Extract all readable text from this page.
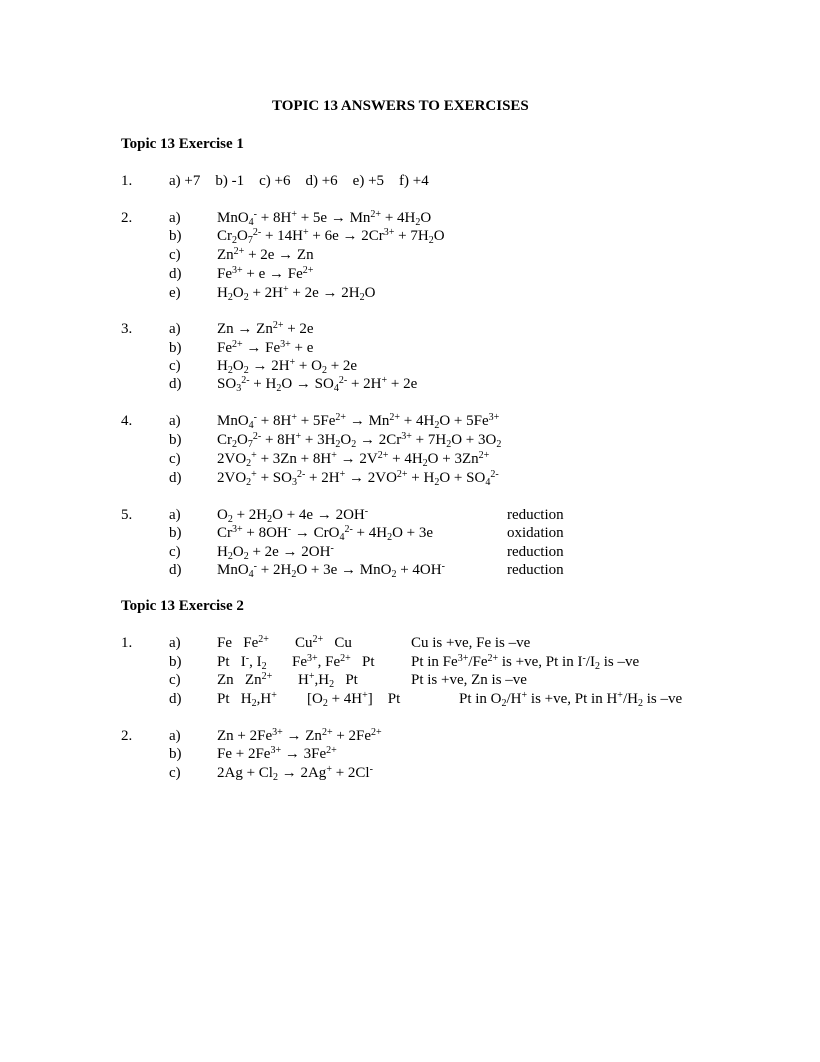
TOPIC 13 ANSWERS TO EXERCISES
Topic 13 Exercise 1
1. a) +7    b) -1    c) +6    d) +6    e) +5    f) +4
2. a)
b)
c)
d)
e)
$MnO_4^- + 8H^+ + 5e \to Mn^{2+} + 4H_2O$
$Cr_2O_7^{2-} + 14H^+ + 6e \to 2Cr^{3+} + 7H_2O$
$Zn^{2+} + 2e \to Zn$
$Fe^{3+} + e \to Fe^{2+}$
$H_2O_2 + 2H^+ + 2e \to 2H_2O$
3. a)
b)
c)
d)
$Zn \to Zn^{2+} + 2e$
$Fe^{2+} \to Fe^{3+} + e$
$H_2O_2 \to 2H^+ + O_2 + 2e$
$SO_3^{2-} + H_2O \to SO_4^{2-} + 2H^+ + 2e$
4. a)
b)
c)
d)
$MnO_4^- + 8H^+ + 5Fe^{2+} \to Mn^{2+} + 4H_2O + 5Fe^{3+}$
$Cr_2O_7^{2-} + 8H^+ + 3H_2O_2 \to 2Cr^{3+} + 7H_2O + 3O_2$
$2VO_2^+ + 3Zn + 8H^+ \to 2V^{2+} + 4H_2O + 3Zn^{2+}$
$2VO_2^+ + SO_3^{2-} + 2H^+ \to 2VO^{2+} + H_2O + SO_4^{2-}$
5. a)
b)
c)
d)
$O_2 + 2H_2O + 4e \to 2OH^-$
$Cr^{3+} + 8OH^- \to CrO_4^{2-} + 4H_2O + 3e$
$H_2O_2 + 2e \to 2OH^-$
$MnO_4^- + 2H_2O + 3e \to MnO_2 + 4OH^-$
reduction
oxidation
reduction
reduction
Topic 13 Exercise 2
1. a)
b)
c)
d)
Fe   $Fe^{2+}$
Pt   I-, $I_2$
Zn   $Zn^{2+}$
Pt   $H_2,H^+$
$Cu^{2+}$   Cu
$Fe^{3+}$, $Fe^{2+}$   Pt
$H^+,H_2$   Pt
$[O_2 + 4H^+]$    Pt
Cu is +ve, Fe is –ve
Pt in $Fe^{3+}/Fe^{2+}$ is +ve, Pt in $I^-/I_2$ is –ve
Pt is +ve, Zn is –ve
Pt in $O_2/H^+$ is +ve, Pt in $H^+/H_2$ is –ve
2. a)
b)
c)
$Zn + 2Fe^{3+} \to Zn^{2+} + 2Fe^{2+}$
$Fe + 2Fe^{3+} \to 3Fe^{2+}$
$2Ag + Cl_2 \to 2Ag^+ + 2Cl^-$
